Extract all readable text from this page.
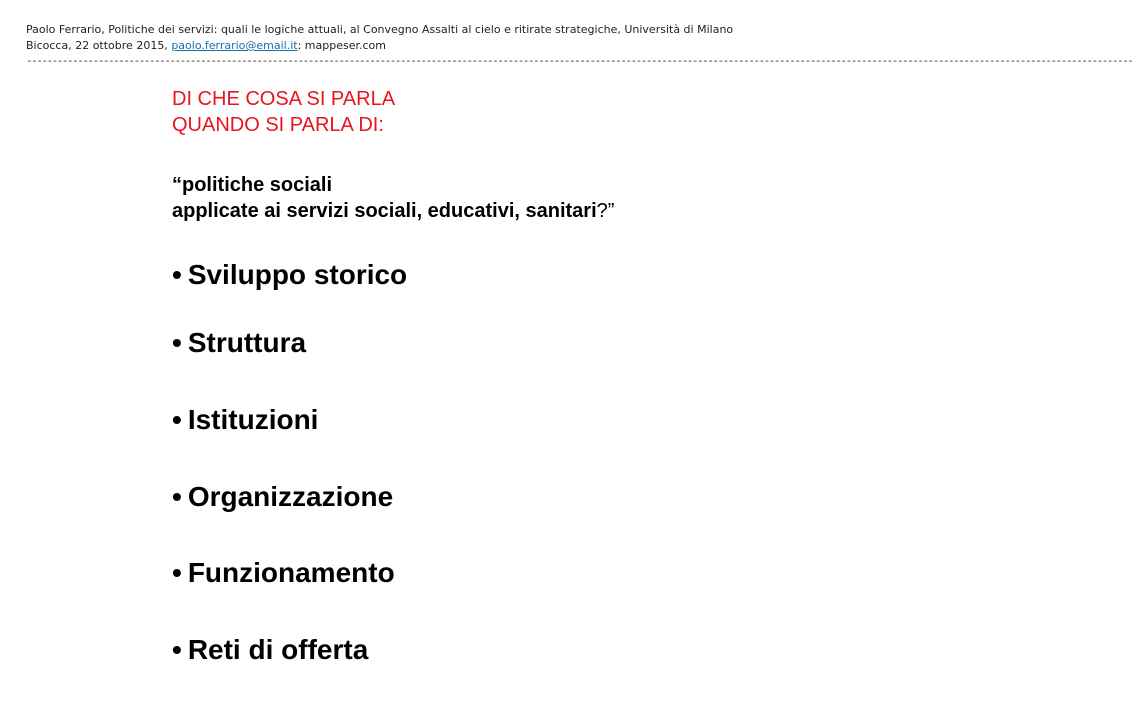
Paolo Ferrario, Politiche dei servizi: quali le logiche attuali, al Convegno Assalti al cielo e ritirate strategiche, Università di Milano
Bicocca, 22 ottobre 2015, paolo.ferrario@email.it: mappeser.com
------------------------------------------------------------------------------------------------------------------------------------------------------------------------------------------------------------------------
DI CHE COSA SI PARLA
QUANDO SI PARLA DI:
“politiche sociali
applicate ai servizi sociali, educativi, sanitari?”
• Sviluppo storico
• Struttura
• Istituzioni
• Organizzazione
• Funzionamento
• Reti di offerta
